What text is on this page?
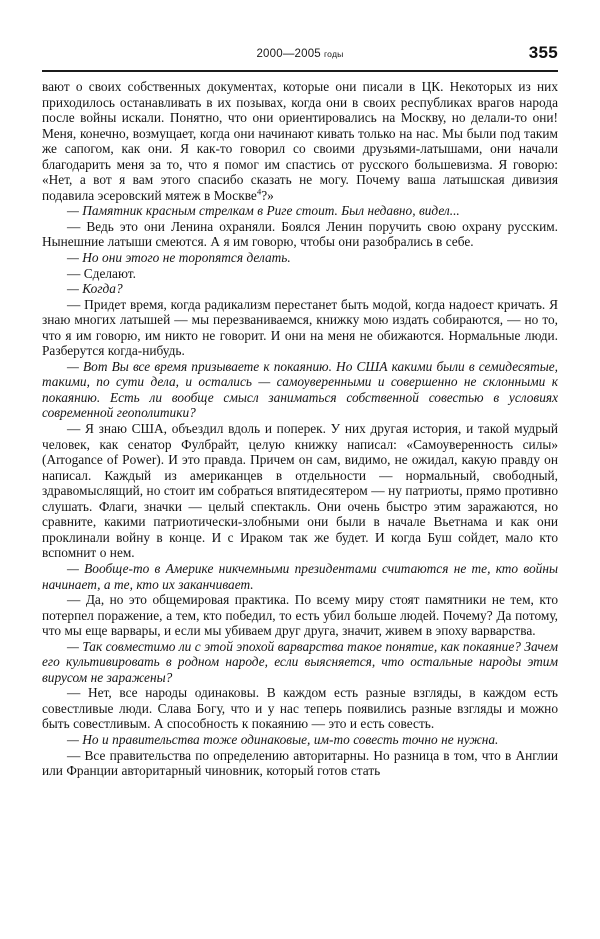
2000—2005 годы	355

вают о своих собственных документах, которые они писали в ЦК. Некоторых из них приходилось останавливать в их позывах, когда они в своих республиках врагов народа после войны искали. Понятно, что они ориентировались на Москву, но делали-то они! Меня, конечно, возмущает, когда они начинают кивать только на нас. Мы были под таким же сапогом, как они. Я как-то говорил со своими друзьями-латышами, они начали благодарить меня за то, что я помог им спастись от русского большевизма. Я говорю: «Нет, а вот я вам этого спасибо сказать не могу. Почему ваша латышская дивизия подавила эсеровский мятеж в Москве$^4$?»

— Памятник красным стрелкам в Риге стоит. Был недавно, видел...

— Ведь это они Ленина охраняли. Боялся Ленин поручить свою охрану русским. Нынешние латыши смеются. А я им говорю, чтобы они разобрались в себе.

— Но они этого не торопятся делать.

— Сделают.

— Когда?

— Придет время, когда радикализм перестанет быть модой, когда надоест кричать. Я знаю многих латышей — мы перезваниваемся, книжку мою издать собираются, — но то, что я им говорю, им никто не говорит. И они на меня не обижаются. Нормальные люди. Разберутся когда-нибудь.

— Вот Вы все время призываете к покаянию. Но США какими были в семидесятые, такими, по сути дела, и остались — самоуверенными и совершенно не склонными к покаянию. Есть ли вообще смысл заниматься собственной совестью в условиях современной геополитики?

— Я знаю США, объездил вдоль и поперек. У них другая история, и такой мудрый человек, как сенатор Фулбрайт, целую книжку написал: «Самоуверенность силы» (Arrogance of Power). И это правда. Причем он сам, видимо, не ожидал, какую правду он написал. Каждый из американцев в отдельности — нормальный, свободный, здравомыслящий, но стоит им собраться впятидесятером — ну патриоты, прямо противно слушать. Флаги, значки — целый спектакль. Они очень быстро этим заражаются, но сравните, какими патриотически-злобными они были в начале Вьетнама и как они проклинали войну в конце. И с Ираком так же будет. И когда Буш сойдет, мало кто вспомнит о нем.

— Вообще-то в Америке никчемными президентами считаются не те, кто войны начинает, а те, кто их заканчивает.

— Да, но это общемировая практика. По всему миру стоят памятники не тем, кто потерпел поражение, а тем, кто победил, то есть убил больше людей. Почему? Да потому, что мы еще варвары, и если мы убиваем друг друга, значит, живем в эпоху варварства.

— Так совместимо ли с этой эпохой варварства такое понятие, как покаяние? Зачем его культивировать в родном народе, если выясняется, что остальные народы этим вирусом не заражены?

— Нет, все народы одинаковы. В каждом есть разные взгляды, в каждом есть совестливые люди. Слава Богу, что и у нас теперь появились разные взгляды и можно быть совестливым. А способность к покаянию — это и есть совесть.

— Но и правительства тоже одинаковые, им-то совесть точно не нужна.

— Все правительства по определению авторитарны. Но разница в том, что в Англии или Франции авторитарный чиновник, который готов стать
